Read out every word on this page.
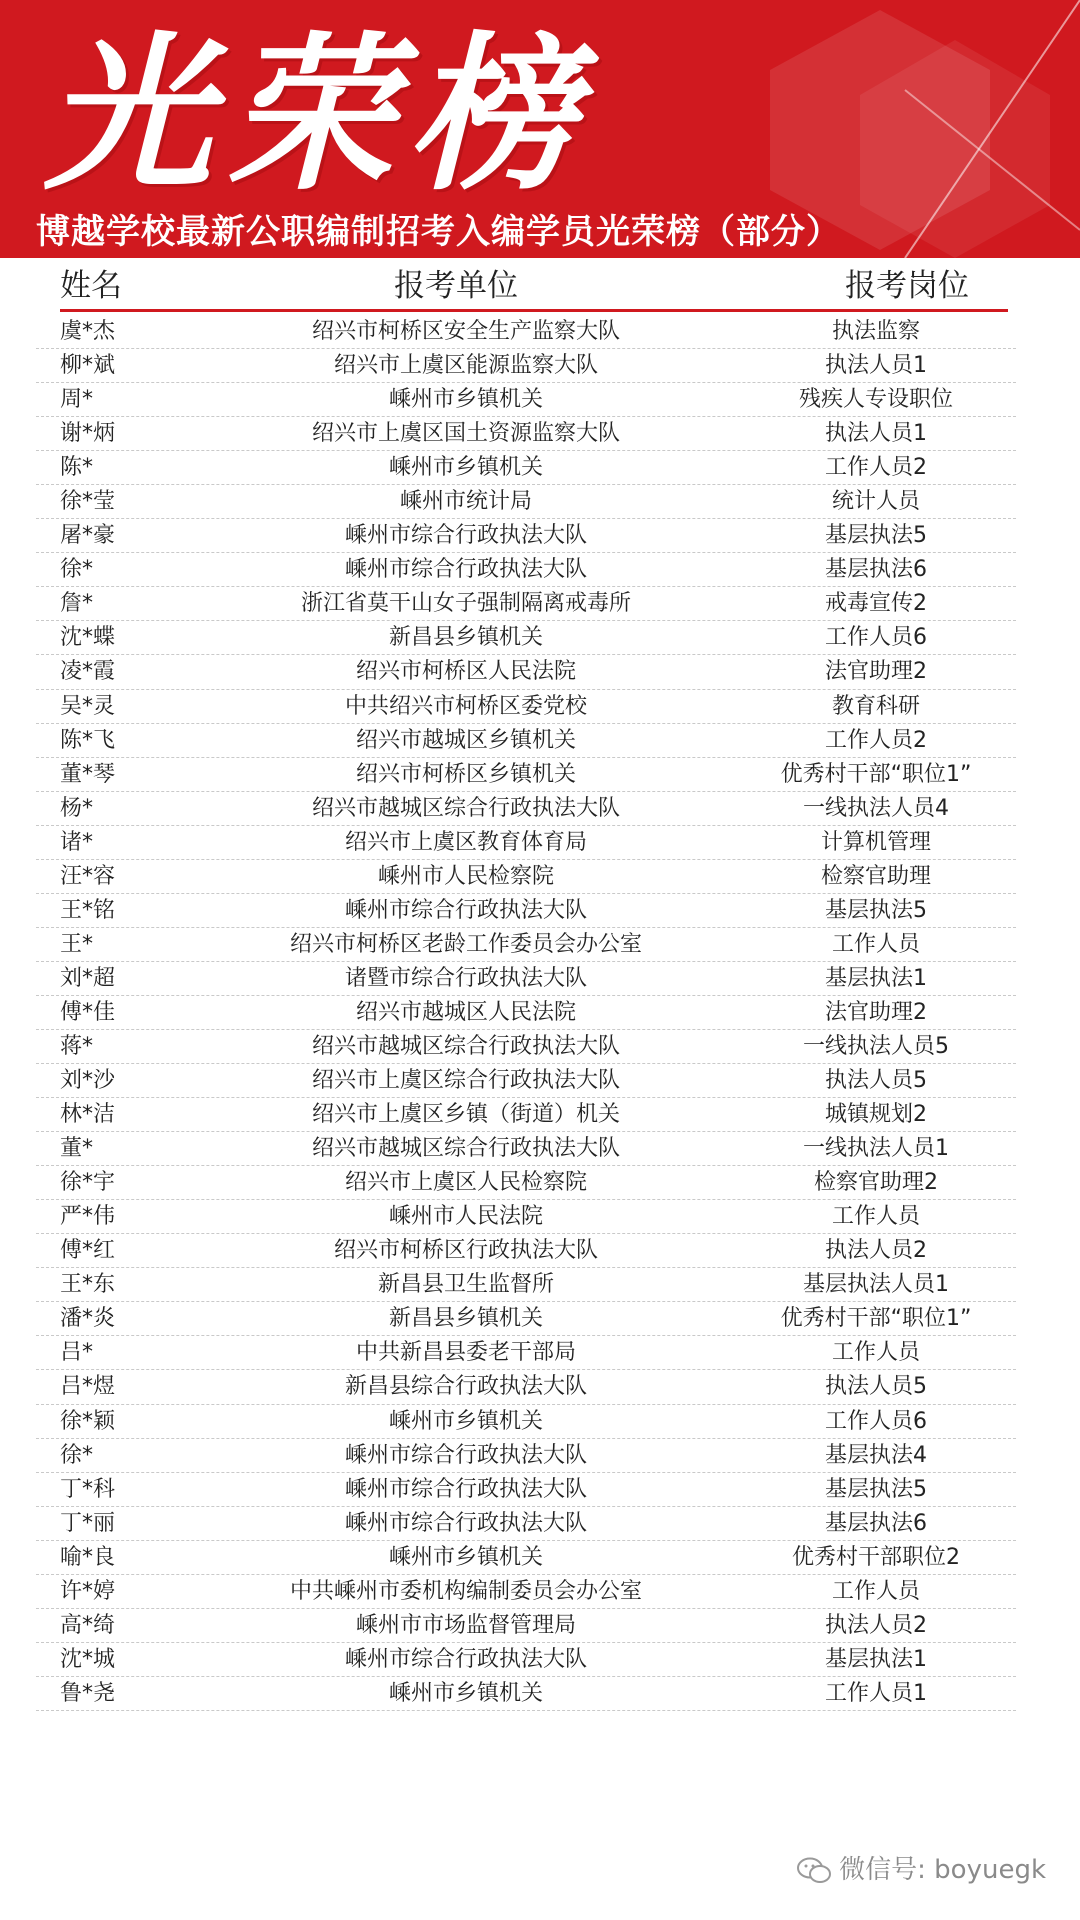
光荣榜
博越学校最新公职编制招考入编学员光荣榜（部分）
姓名	报考单位	报考岗位
虞*杰	绍兴市柯桥区安全生产监察大队	执法监察
柳*斌	绍兴市上虞区能源监察大队	执法人员1
周*	嵊州市乡镇机关	残疾人专设职位
谢*炳	绍兴市上虞区国土资源监察大队	执法人员1
陈*	嵊州市乡镇机关	工作人员2
徐*莹	嵊州市统计局	统计人员
屠*豪	嵊州市综合行政执法大队	基层执法5
徐*	嵊州市综合行政执法大队	基层执法6
詹*	浙江省莫干山女子强制隔离戒毒所	戒毒宣传2
沈*蝶	新昌县乡镇机关	工作人员6
凌*霞	绍兴市柯桥区人民法院	法官助理2
吴*灵	中共绍兴市柯桥区委党校	教育科研
陈*飞	绍兴市越城区乡镇机关	工作人员2
董*琴	绍兴市柯桥区乡镇机关	优秀村干部“职位1”
杨*	绍兴市越城区综合行政执法大队	一线执法人员4
诸*	绍兴市上虞区教育体育局	计算机管理
汪*容	嵊州市人民检察院	检察官助理
王*铭	嵊州市综合行政执法大队	基层执法5
王*	绍兴市柯桥区老龄工作委员会办公室	工作人员
刘*超	诸暨市综合行政执法大队	基层执法1
傅*佳	绍兴市越城区人民法院	法官助理2
蒋*	绍兴市越城区综合行政执法大队	一线执法人员5
刘*沙	绍兴市上虞区综合行政执法大队	执法人员5
林*洁	绍兴市上虞区乡镇（街道）机关	城镇规划2
董*	绍兴市越城区综合行政执法大队	一线执法人员1
徐*宇	绍兴市上虞区人民检察院	检察官助理2
严*伟	嵊州市人民法院	工作人员
傅*红	绍兴市柯桥区行政执法大队	执法人员2
王*东	新昌县卫生监督所	基层执法人员1
潘*炎	新昌县乡镇机关	优秀村干部“职位1”
吕*	中共新昌县委老干部局	工作人员
吕*煜	新昌县综合行政执法大队	执法人员5
徐*颖	嵊州市乡镇机关	工作人员6
徐*	嵊州市综合行政执法大队	基层执法4
丁*科	嵊州市综合行政执法大队	基层执法5
丁*丽	嵊州市综合行政执法大队	基层执法6
喻*良	嵊州市乡镇机关	优秀村干部职位2
许*婷	中共嵊州市委机构编制委员会办公室	工作人员
高*绮	嵊州市市场监督管理局	执法人员2
沈*城	嵊州市综合行政执法大队	基层执法1
鲁*尧	嵊州市乡镇机关	工作人员1
微信号: boyuegk
